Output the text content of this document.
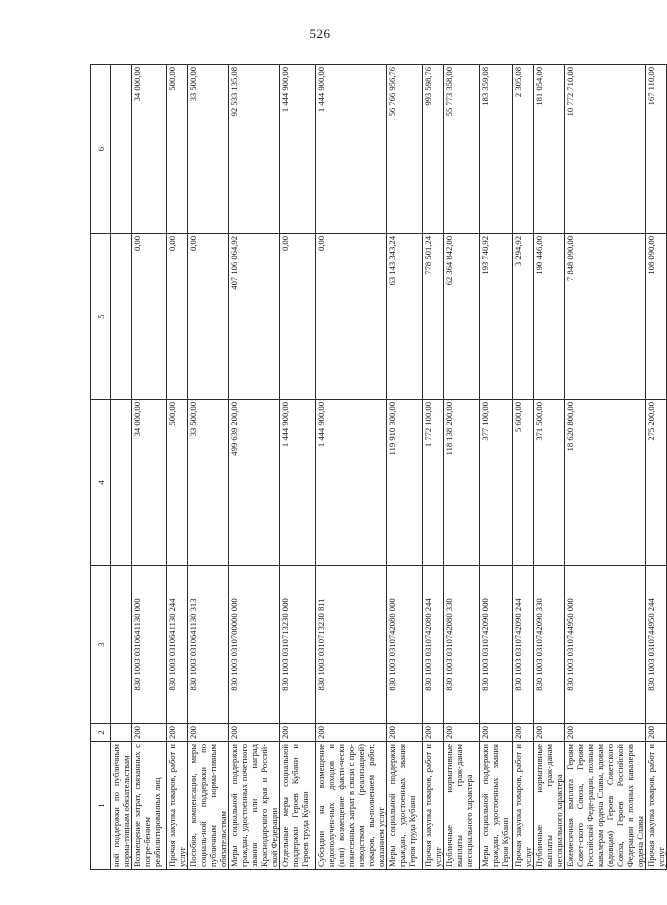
526
1	2	3	4	5	6
ной поддержки по публичным норма-тивным обязательствам					
Возмещение затрат, связанных с погре-бением реабилитированных лиц	200	830 1003 0310641130 000	34 000,00	0,00	34 000,00
Прочая закупка товаров, работ и услуг	200	830 1003 0310641130 244	500,00	0,00	500,00
Пособия, компенсации, меры социаль-ной поддержки по публичным норма-тивным обязательствам	200	830 1003 0310641130 313	33 500,00	0,00	33 500,00
Меры социальной поддержки граждан, удостоенных почетного звания или наград Краснодарского края и Россий-ской Федерации	200	830 1003 0310700000 000	499 639 200,00	407 106 064,92	92 533 135,08
Отдельные меры социальной поддержки Героев Кубани и Героев труда Кубани	200	830 1003 0310713230 000	1 444 900,00	0,00	1 444 900,00
Субсидии на возмещение недополучен-ных доходов и (или) возмещение факти-чески понесенных затрат в связи с про-изводством (реализацией) товаров, вы-полнением работ, оказанием услуг	200	830 1003 0310713230 811	1 444 900,00	0,00	1 444 900,00
Меры социальной поддержки граждан, удостоенных звания Героя труда Кубани	200	830 1003 0310742080 000	119 910 300,00	63 143 343,24	56 766 956,76
Прочая закупка товаров, работ и услуг	200	830 1003 0310742080 244	1 772 100,00	778 501,24	993 598,76
Публичные нормативные выплаты граж-данам несоциального характера	200	830 1003 0310742080 330	118 138 200,00	62 364 842,00	55 773 358,00
Меры социальной поддержки граждан, удостоенных звания Героя Кубани	200	830 1003 0310742090 000	377 100,00	193 740,92	183 359,08
Прочая закупка товаров, работ и услуг	200	830 1003 0310742090 244	5 600,00	3 294,92	2 305,08
Публичные нормативные выплаты граж-данам несоциального характера	200	830 1003 0310742090 330	371 500,00	190 446,00	181 054,00
Ежемесячная выплата Героям Совет-ского Союза, Героям Российской Феде-рации, полным кавалерам ордена Славы, вдовам (вдовцам) Героев Советского Союза, Героев Российской Федерации и полных кавалеров ордена Славы	200	830 1003 0310744950 000	18 620 800,00	7 848 090,00	10 772 710,00
Прочая закупка товаров, работ и услуг	200	830 1003 0310744950 244	275 200,00	108 090,00	167 110,00
